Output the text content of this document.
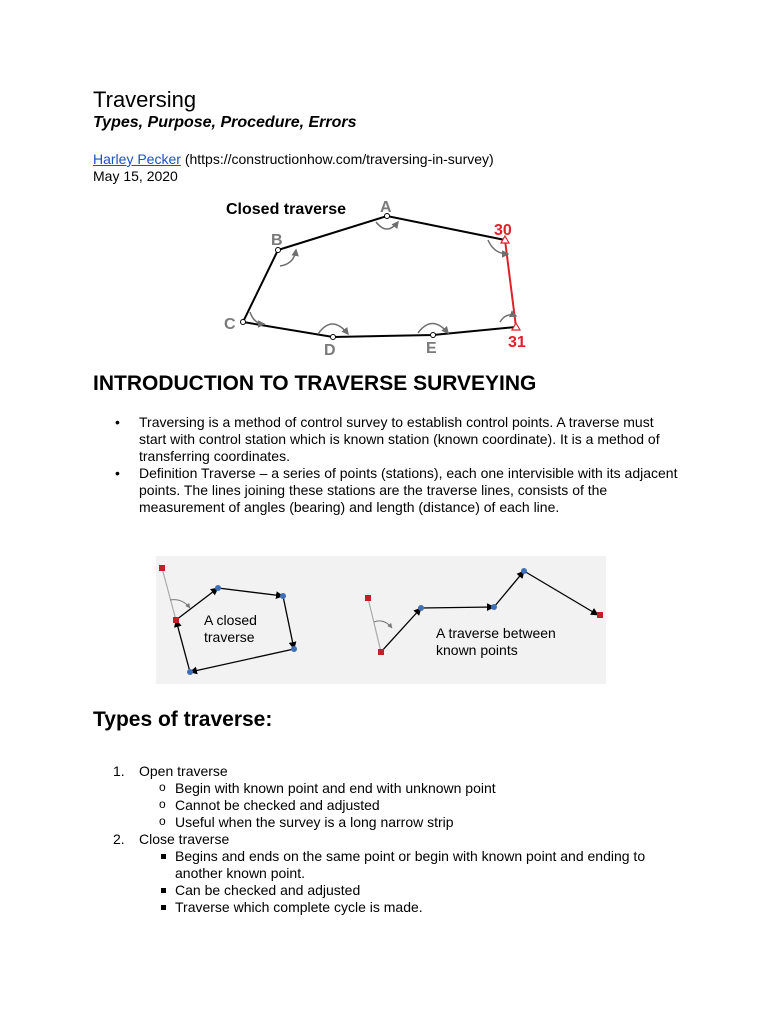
Traversing
Types, Purpose, Procedure, Errors
Harley Pecker (https://constructionhow.com/traversing-in-survey)
May 15, 2020
Closed traverse A
B
C
D	E
30
31
INTRODUCTION TO TRAVERSE SURVEYING
• Traversing is a method of control survey to establish control points. A traverse must start with control station which is known station (known coordinate). It is a method of transferring coordinates.
• Definition Traverse – a series of points (stations), each one intervisible with its adjacent points. The lines joining these stations are the traverse lines, consists of the measurement of angles (bearing) and length (distance) of each line.
A closed
traverse	A traverse between
known points
Types of traverse:
1. Open traverse
o Begin with known point and end with unknown point
o Cannot be checked and adjusted
o Useful when the survey is a long narrow strip
2. Close traverse
Begins and ends on the same point or begin with known point and ending to another known point.
Can be checked and adjusted
Traverse which complete cycle is made.
